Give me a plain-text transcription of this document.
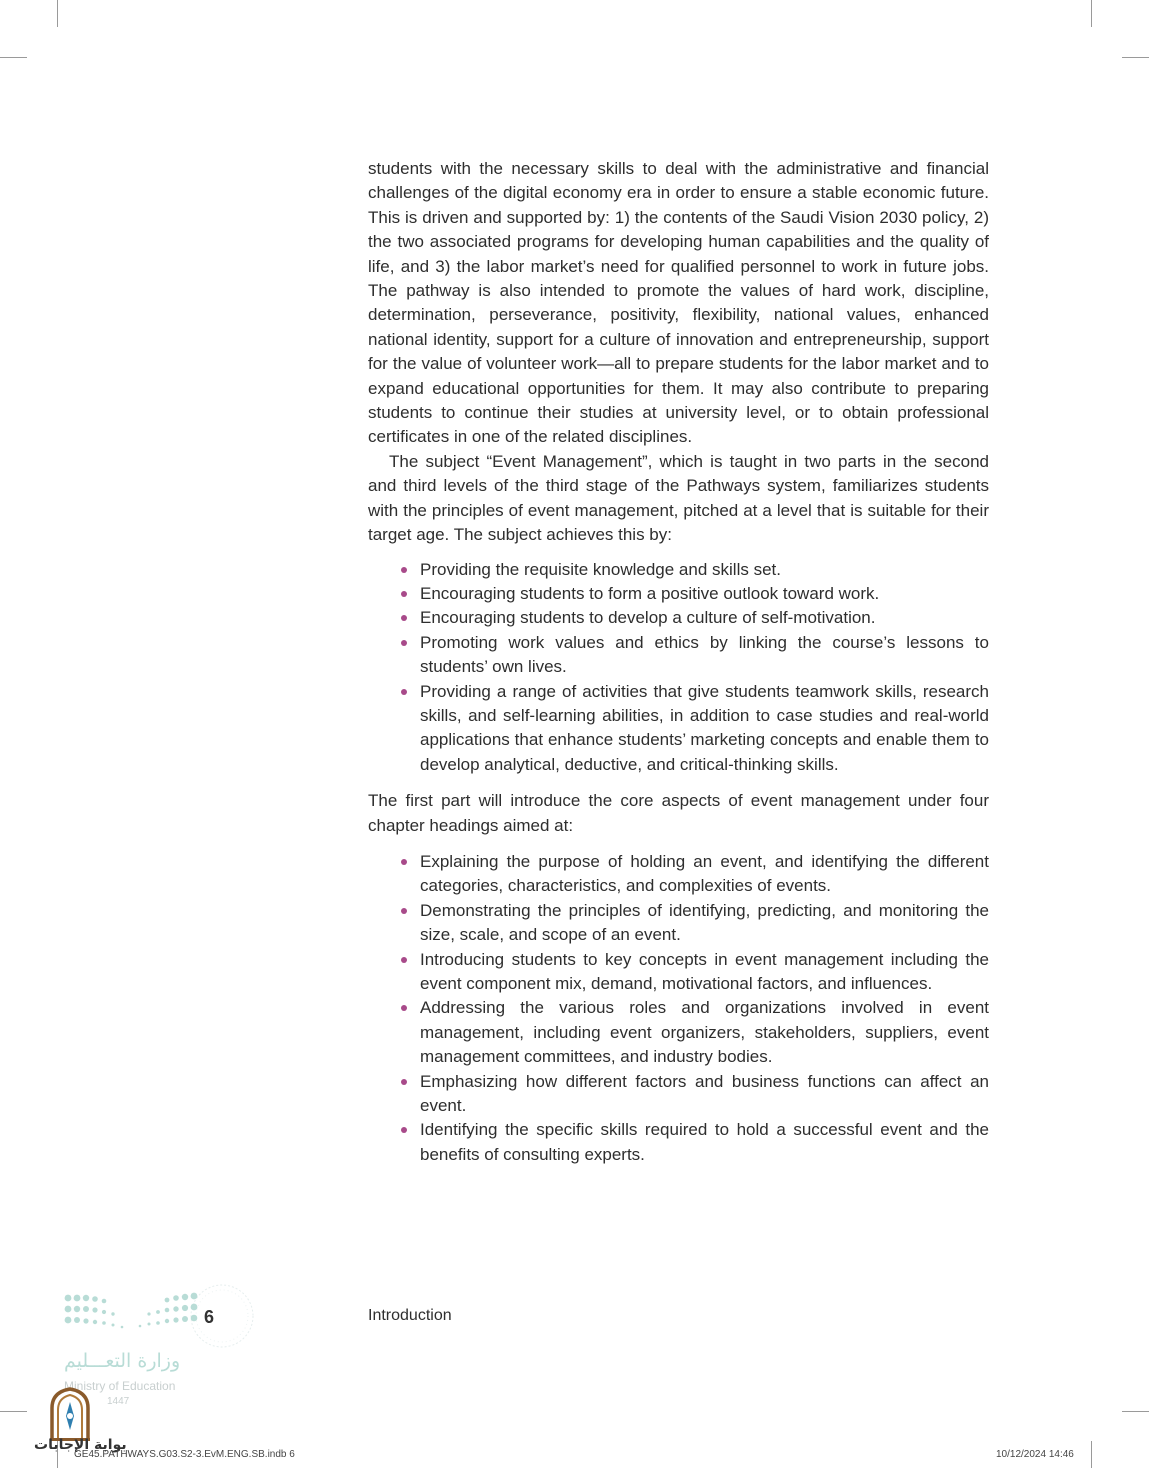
students with the necessary skills to deal with the administrative and financial challenges of the digital economy era in order to ensure a stable economic future. This is driven and supported by: 1) the contents of the Saudi Vision 2030 policy, 2) the two associated programs for developing human capabilities and the quality of life, and 3) the labor market’s need for qualified personnel to work in future jobs. The pathway is also intended to promote the values of hard work, discipline, determination, perseverance, positivity, flexibility, national values, enhanced national identity, support for a culture of innovation and entrepreneurship, support for the value of volunteer work—all to prepare students for the labor market and to expand educational opportunities for them. It may also contribute to preparing students to continue their studies at university level, or to obtain professional certificates in one of the related disciplines.

The subject “Event Management”, which is taught in two parts in the second and third levels of the third stage of the Pathways system, familiarizes students with the principles of event management, pitched at a level that is suitable for their target age. The subject achieves this by:

Providing the requisite knowledge and skills set.
Encouraging students to form a positive outlook toward work.
Encouraging students to develop a culture of self-motivation.
Promoting work values and ethics by linking the course’s lessons to students’ own lives.
Providing a range of activities that give students teamwork skills, research skills, and self-learning abilities, in addition to case studies and real-world applications that enhance students’ marketing concepts and enable them to develop analytical, deductive, and critical-thinking skills.

The first part will introduce the core aspects of event management under four chapter headings aimed at:

Explaining the purpose of holding an event, and identifying the different categories, characteristics, and complexities of events.
Demonstrating the principles of identifying, predicting, and monitoring the size, scale, and scope of an event.
Introducing students to key concepts in event management including the event component mix, demand, motivational factors, and influences.
Addressing the various roles and organizations involved in event management, including event organizers, stakeholders, suppliers, event management committees, and industry bodies.
Emphasizing how different factors and business functions can affect an event.
Identifying the specific skills required to hold a successful event and the benefits of consulting experts.
6	Introduction
وزارة التعـــليم
Ministry of Education
1447
بوابة الإجابات
GE45.PATHWAYS.G03.S2-3.EvM.ENG.SB.indb 6	10/12/2024 14:46
